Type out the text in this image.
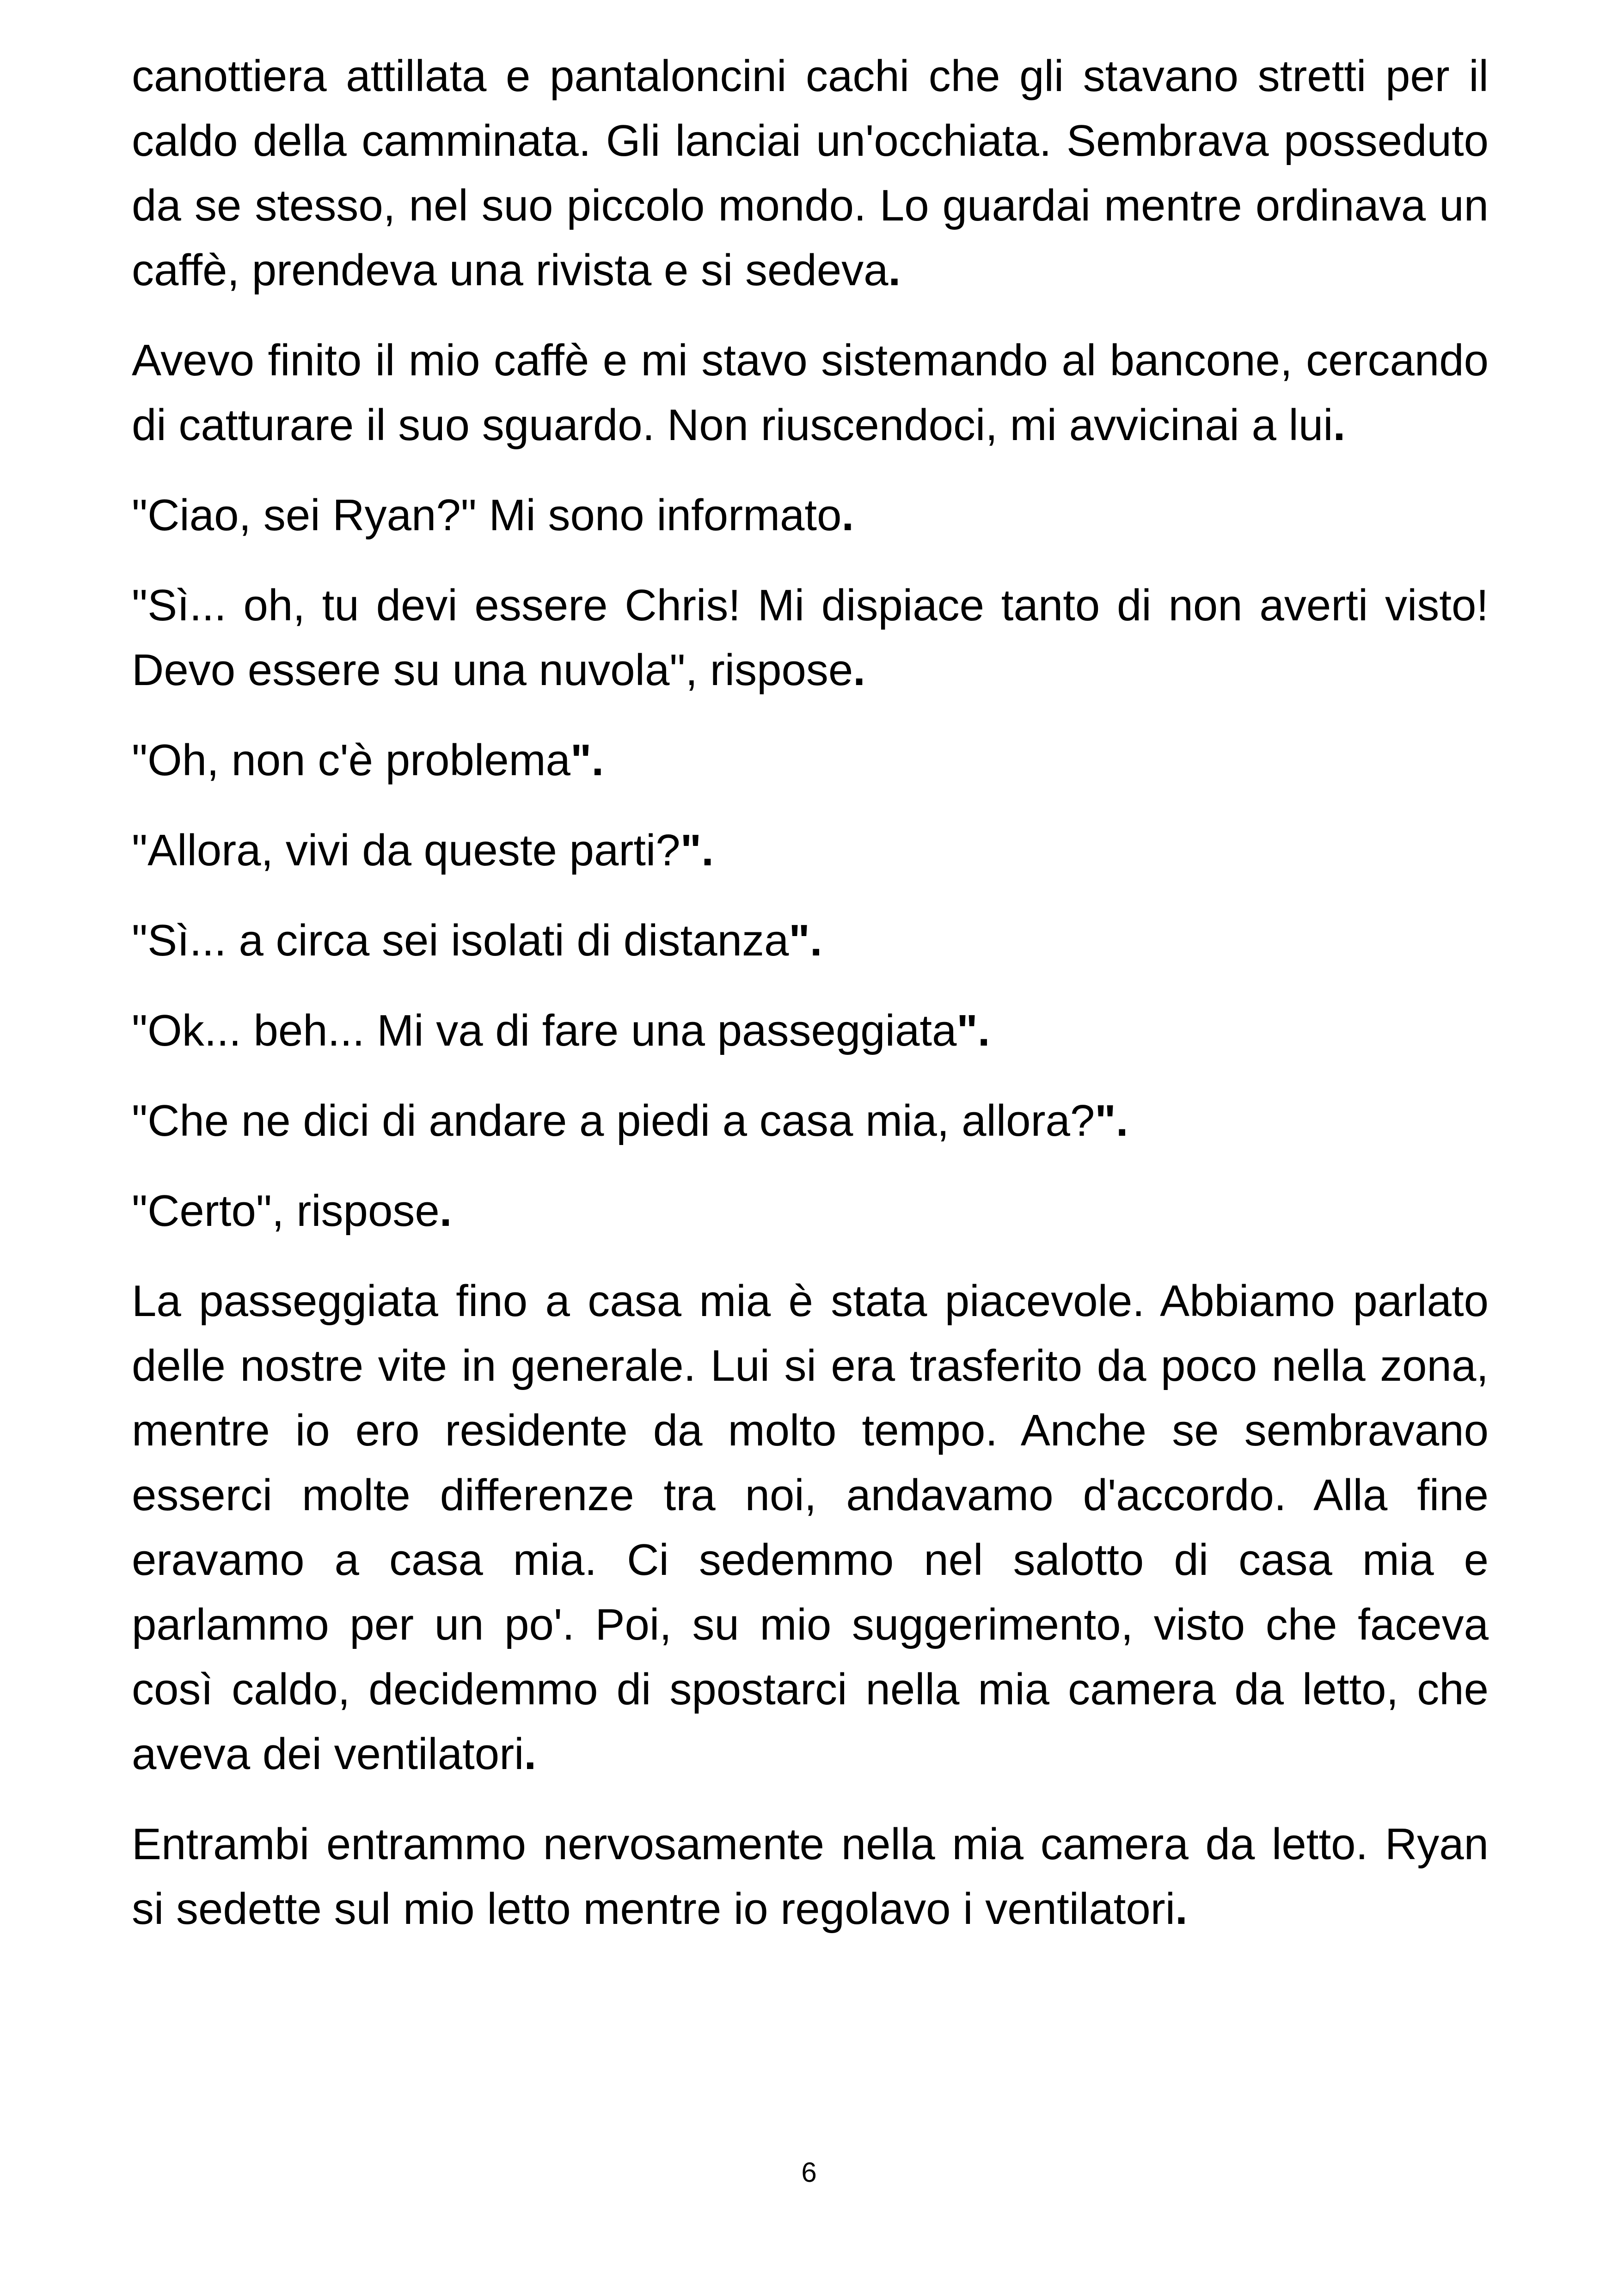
canottiera attillata e pantaloncini cachi che gli stavano stretti per il caldo della camminata. Gli lanciai un'occhiata. Sembrava posseduto da se stesso, nel suo piccolo mondo. Lo guardai mentre ordinava un caffè, prendeva una rivista e si sedeva.

Avevo finito il mio caffè e mi stavo sistemando al bancone, cercando di catturare il suo sguardo. Non riuscendoci, mi avvicinai a lui.

"Ciao, sei Ryan?" Mi sono informato.

"Sì... oh, tu devi essere Chris! Mi dispiace tanto di non averti visto! Devo essere su una nuvola", rispose.

"Oh, non c'è problema".

"Allora, vivi da queste parti?".

"Sì... a circa sei isolati di distanza".

"Ok... beh... Mi va di fare una passeggiata".

"Che ne dici di andare a piedi a casa mia, allora?".

"Certo", rispose.

La passeggiata fino a casa mia è stata piacevole. Abbiamo parlato delle nostre vite in generale. Lui si era trasferito da poco nella zona, mentre io ero residente da molto tempo. Anche se sembravano esserci molte differenze tra noi, andavamo d'accordo. Alla fine eravamo a casa mia. Ci sedemmo nel salotto di casa mia e parlammo per un po'. Poi, su mio suggerimento, visto che faceva così caldo, decidemmo di spostarci nella mia camera da letto, che aveva dei ventilatori.

Entrambi entrammo nervosamente nella mia camera da letto. Ryan si sedette sul mio letto mentre io regolavo i ventilatori.

6
